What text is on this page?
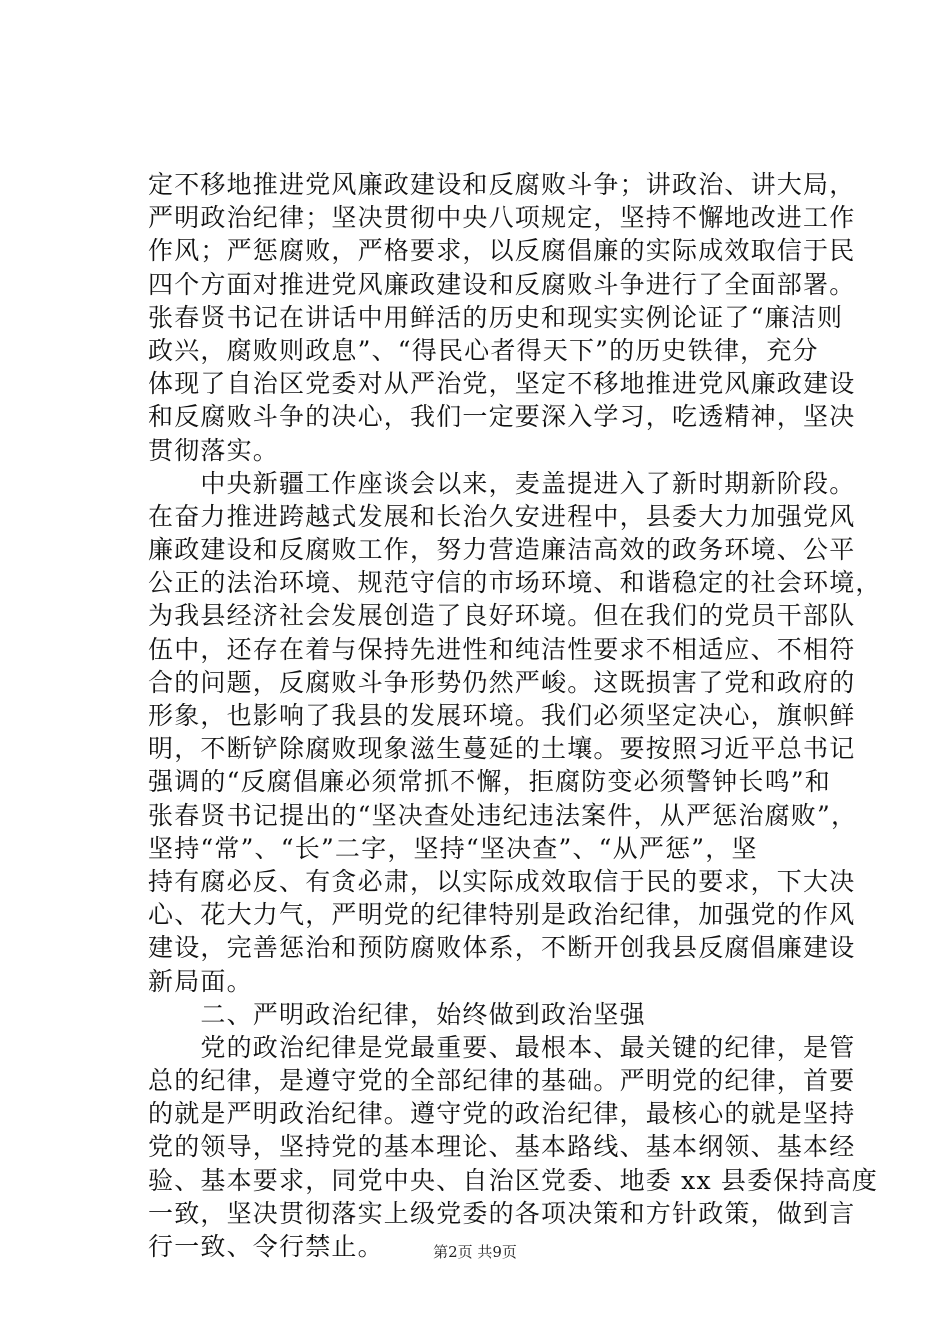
定不移地推进党风廉政建设和反腐败斗争；讲政治、讲大局，
严明政治纪律；坚决贯彻中央八项规定，坚持不懈地改进工作
作风；严惩腐败，严格要求，以反腐倡廉的实际成效取信于民
四个方面对推进党风廉政建设和反腐败斗争进行了全面部署。
张春贤书记在讲话中用鲜活的历史和现实实例论证了“廉洁则
政兴，腐败则政息”、“得民心者得天下”的历史铁律，充分
体现了自治区党委对从严治党，坚定不移地推进党风廉政建设
和反腐败斗争的决心，我们一定要深入学习，吃透精神，坚决
贯彻落实。
　　中央新疆工作座谈会以来，麦盖提进入了新时期新阶段。
在奋力推进跨越式发展和长治久安进程中，县委大力加强党风
廉政建设和反腐败工作，努力营造廉洁高效的政务环境、公平
公正的法治环境、规范守信的市场环境、和谐稳定的社会环境，
为我县经济社会发展创造了良好环境。但在我们的党员干部队
伍中，还存在着与保持先进性和纯洁性要求不相适应、不相符
合的问题，反腐败斗争形势仍然严峻。这既损害了党和政府的
形象，也影响了我县的发展环境。我们必须坚定决心，旗帜鲜
明，不断铲除腐败现象滋生蔓延的土壤。要按照习近平总书记
强调的“反腐倡廉必须常抓不懈，拒腐防变必须警钟长鸣”和
张春贤书记提出的“坚决查处违纪违法案件，从严惩治腐败”，
坚持“常”、“长”二字，坚持“坚决查”、“从严惩”，坚
持有腐必反、有贪必肃，以实际成效取信于民的要求，下大决
心、花大力气，严明党的纪律特别是政治纪律，加强党的作风
建设，完善惩治和预防腐败体系，不断开创我县反腐倡廉建设
新局面。
　　二、严明政治纪律，始终做到政治坚强
　　党的政治纪律是党最重要、最根本、最关键的纪律，是管
总的纪律，是遵守党的全部纪律的基础。严明党的纪律，首要
的就是严明政治纪律。遵守党的政治纪律，最核心的就是坚持
党的领导，坚持党的基本理论、基本路线、基本纲领、基本经
验、基本要求，同党中央、自治区党委、地委 xx 县委保持高度
一致，坚决贯彻落实上级党委的各项决策和方针政策，做到言
行一致、令行禁止。	第2页 共9页
